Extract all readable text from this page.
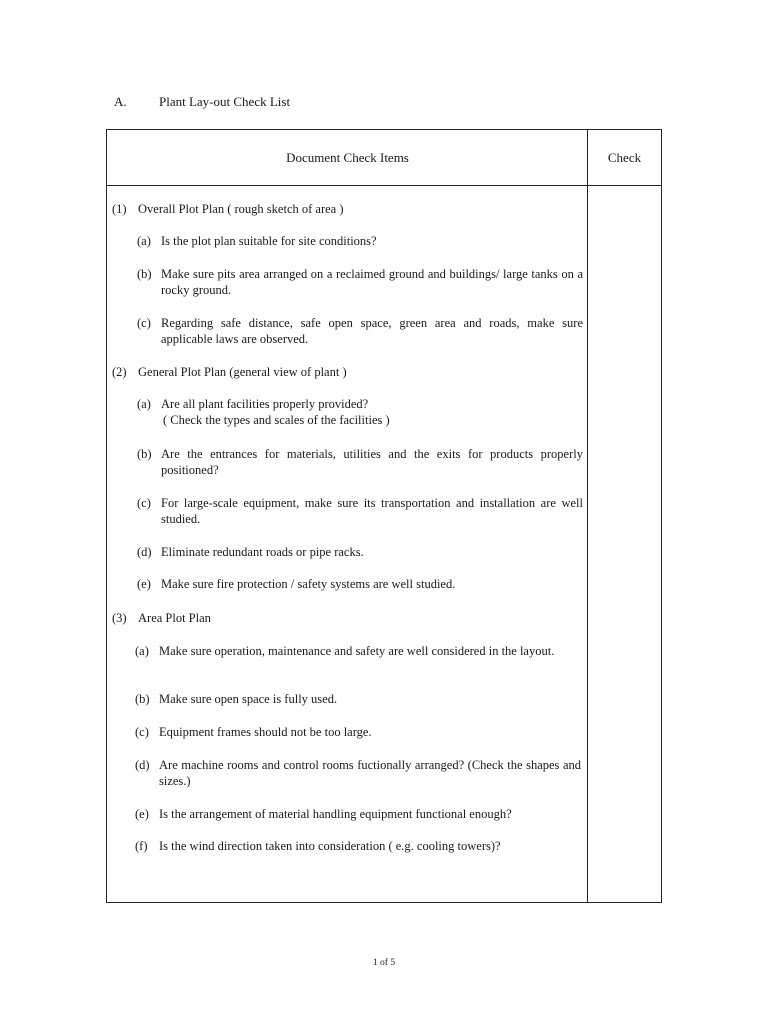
A. Plant Lay-out Check List
Document Check Items	Check
(1) Overall Plot Plan ( rough sketch of area )
(a) Is the plot plan suitable for site conditions?
(b) Make sure pits area arranged on a reclaimed ground and buildings/ large tanks on a rocky ground.
(c) Regarding safe distance, safe open space, green area and roads, make sure applicable laws are observed.
(2) General Plot Plan (general view of plant )
(a) Are all plant facilities properly provided?
( Check the types and scales of the facilities )
(b) Are the entrances for materials, utilities and the exits for products properly positioned?
(c) For large-scale equipment, make sure its transportation and installation are well studied.
(d) Eliminate redundant roads or pipe racks.
(e) Make sure fire protection / safety systems are well studied.
(3) Area Plot Plan
(a) Make sure operation, maintenance and safety are well considered in the layout.
(b) Make sure open space is fully used.
(c) Equipment frames should not be too large.
(d) Are machine rooms and control rooms fuctionally arranged? (Check the shapes and sizes.)
(e) Is the arrangement of material handling equipment functional enough?
(f) Is the wind direction taken into consideration ( e.g. cooling towers)?
1 of 5
